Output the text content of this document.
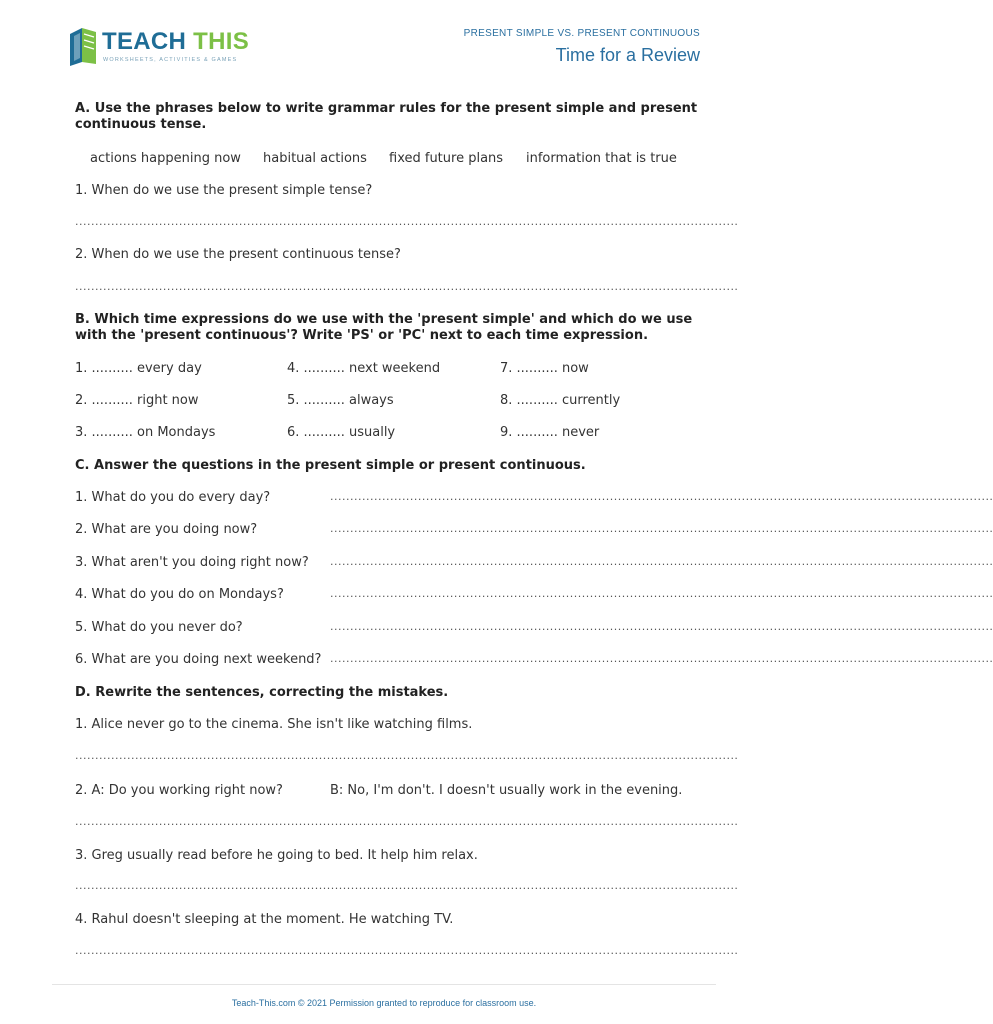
TEACH THIS
WORKSHEETS, ACTIVITIES & GAMES
PRESENT SIMPLE VS. PRESENT CONTINUOUS
Time for a Review
A. Use the phrases below to write grammar rules for the present simple and present continuous tense.
actions happening now habitual actions fixed future plans information that is true
1. When do we use the present simple tense?
......................................................................................................................................................................
2. When do we use the present continuous tense?
......................................................................................................................................................................
B. Which time expressions do we use with the 'present simple' and which do we use with the 'present continuous'? Write 'PS' or 'PC' next to each time expression.
1. .......... every day	4. .......... next weekend	7. .......... now
2. .......... right now	5. .......... always	8. .......... currently
3. .......... on Mondays	6. .......... usually	9. .......... never
C. Answer the questions in the present simple or present continuous.
1. What do you do every day?	......................................................................................................................................................................
2. What are you doing now?	......................................................................................................................................................................
3. What aren't you doing right now? ......................................................................................................................................................................
4. What do you do on Mondays?	......................................................................................................................................................................
5. What do you never do?	......................................................................................................................................................................
6. What are you doing next weekend? ......................................................................................................................................................................
D. Rewrite the sentences, correcting the mistakes.
1. Alice never go to the cinema. She isn't like watching films.
......................................................................................................................................................................
2. A: Do you working right now?	B: No, I'm don't. I doesn't usually work in the evening.
......................................................................................................................................................................
3. Greg usually read before he going to bed. It help him relax.
......................................................................................................................................................................
4. Rahul doesn't sleeping at the moment. He watching TV.
......................................................................................................................................................................
Teach-This.com © 2021 Permission granted to reproduce for classroom use.
